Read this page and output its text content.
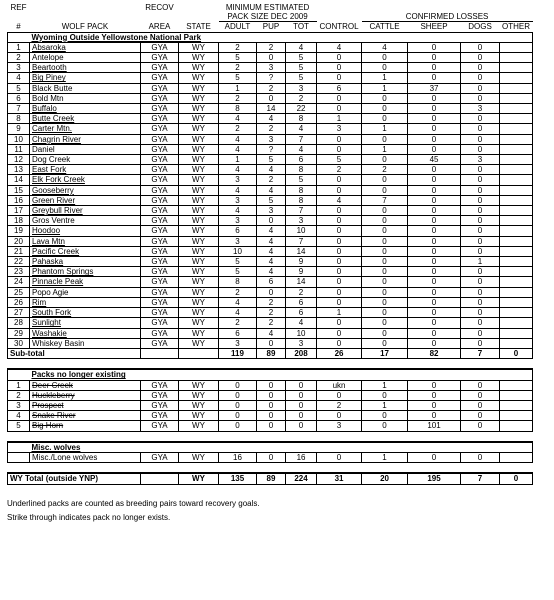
REF		RECOV		MINIMUM ESTIMATED							
				PACK SIZE DEC 2009				CONFIRMED LOSSES			
#	WOLF PACK	AREA	STATE	ADULT	PUP	TOT	CONTROL	CATTLE	SHEEP	DOGS	OTHER
	Wyoming Outside Yellowstone National Park										
1	Absaroka	GYA	WY	2	2	4	4	4	0	0	
2	Antelope	GYA	WY	5	0	5	0	0	0	0	
3	Beartooth	GYA	WY	2	3	5	0	0	0	0	
4	Big Piney	GYA	WY	5	?	5	0	1	0	0	
5	Black Butte	GYA	WY	1	2	3	6	1	37	0	
6	Bold Mtn	GYA	WY	2	0	2	0	0	0	0	
7	Buffalo	GYA	WY	8	14	22	0	0	0	3	
8	Butte Creek	GYA	WY	4	4	8	1	0	0	0	
9	Carter Mtn.	GYA	WY	2	2	4	3	1	0	0	
10	Chagrin River	GYA	WY	4	3	7	0	0	0	0	
11	Daniel	GYA	WY	4	?	4	0	1	0	0	
12	Dog Creek	GYA	WY	1	5	6	5	0	45	3	
13	East Fork	GYA	WY	4	4	8	2	2	0	0	
14	Elk Fork Creek	GYA	WY	3	2	5	0	0	0	0	
15	Gooseberry	GYA	WY	4	4	8	0	0	0	0	
16	Green River	GYA	WY	3	5	8	4	7	0	0	
17	Greybull River	GYA	WY	4	3	7	0	0	0	0	
18	Gros Ventre	GYA	WY	3	0	3	0	0	0	0	
19	Hoodoo	GYA	WY	6	4	10	0	0	0	0	
20	Lava Mtn	GYA	WY	3	4	7	0	0	0	0	
21	Pacific Creek	GYA	WY	10	4	14	0	0	0	0	
22	Pahaska	GYA	WY	5	4	9	0	0	0	1	
23	Phantom Springs	GYA	WY	5	4	9	0	0	0	0	
24	Pinnacle Peak	GYA	WY	8	6	14	0	0	0	0	
25	Popo Agie	GYA	WY	2	0	2	0	0	0	0	
26	Rim	GYA	WY	4	2	6	0	0	0	0	
27	South Fork	GYA	WY	4	2	6	1	0	0	0	
28	Sunlight	GYA	WY	2	2	4	0	0	0	0	
29	Washakie	GYA	WY	6	4	10	0	0	0	0	
30	Whiskey Basin	GYA	WY	3	0	3	0	0	0	0	
Sub-total				119	89	208	26	17	82	7	0

	Packs no longer existing										
1	Deer Creek	GYA	WY	0	0	0	ukn	1	0	0	
2	Huckleberry	GYA	WY	0	0	0	0	0	0	0	
3	Prospect	GYA	WY	0	0	0	2	1	0	0	
4	Snake River	GYA	WY	0	0	0	0	0	0	0	
5	Big Horn	GYA	WY	0	0	0	3	0	101	0	

	Misc. wolves										
	Misc./Lone wolves	GYA	WY	16	0	16	0	1	0	0	

WY Total (outside YNP)			WY	135	89	224	31	20	195	7	0
Underlined packs are counted as breeding pairs toward recovery goals.
Strike through indicates pack no longer exists.
